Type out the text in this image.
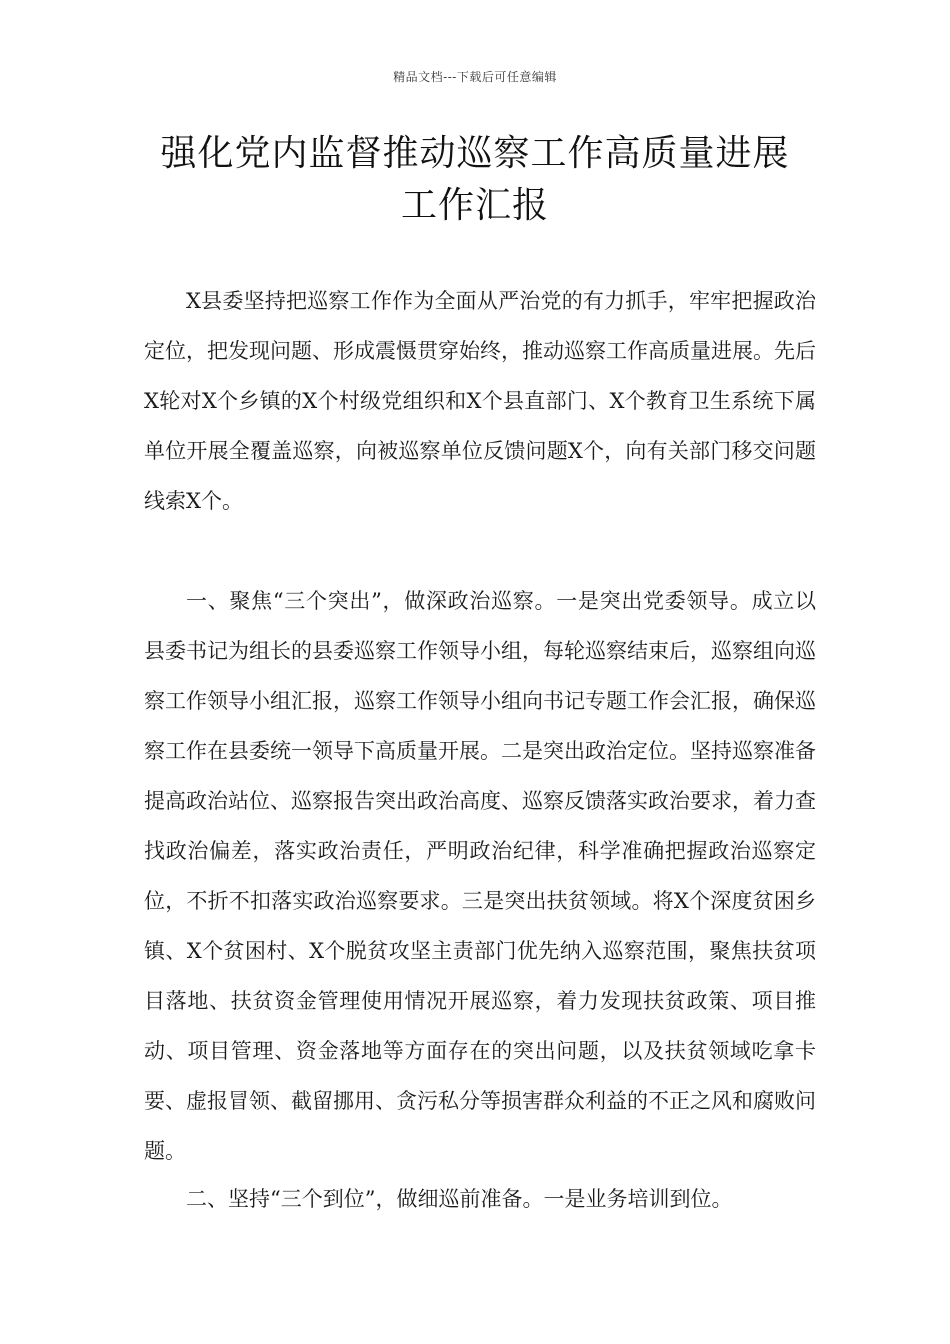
精品文档---下载后可任意编辑
强化党内监督推动巡察工作高质量进展
工作汇报

X县委坚持把巡察工作作为全面从严治党的有力抓手，牢牢把握政治定位，把发现问题、形成震慑贯穿始终，推动巡察工作高质量进展。先后X轮对X个乡镇的X个村级党组织和X个县直部门、X个教育卫生系统下属单位开展全覆盖巡察，向被巡察单位反馈问题X个，向有关部门移交问题线索X个。

一、聚焦“三个突出”，做深政治巡察。一是突出党委领导。成立以县委书记为组长的县委巡察工作领导小组，每轮巡察结束后，巡察组向巡察工作领导小组汇报，巡察工作领导小组向书记专题工作会汇报，确保巡察工作在县委统一领导下高质量开展。二是突出政治定位。坚持巡察准备提高政治站位、巡察报告突出政治高度、巡察反馈落实政治要求，着力查找政治偏差，落实政治责任，严明政治纪律，科学准确把握政治巡察定位，不折不扣落实政治巡察要求。三是突出扶贫领域。将X个深度贫困乡镇、X个贫困村、X个脱贫攻坚主责部门优先纳入巡察范围，聚焦扶贫项目落地、扶贫资金管理使用情况开展巡察，着力发现扶贫政策、项目推动、项目管理、资金落地等方面存在的突出问题，以及扶贫领域吃拿卡要、虚报冒领、截留挪用、贪污私分等损害群众利益的不正之风和腐败问题。

二、坚持“三个到位”，做细巡前准备。一是业务培训到位。
